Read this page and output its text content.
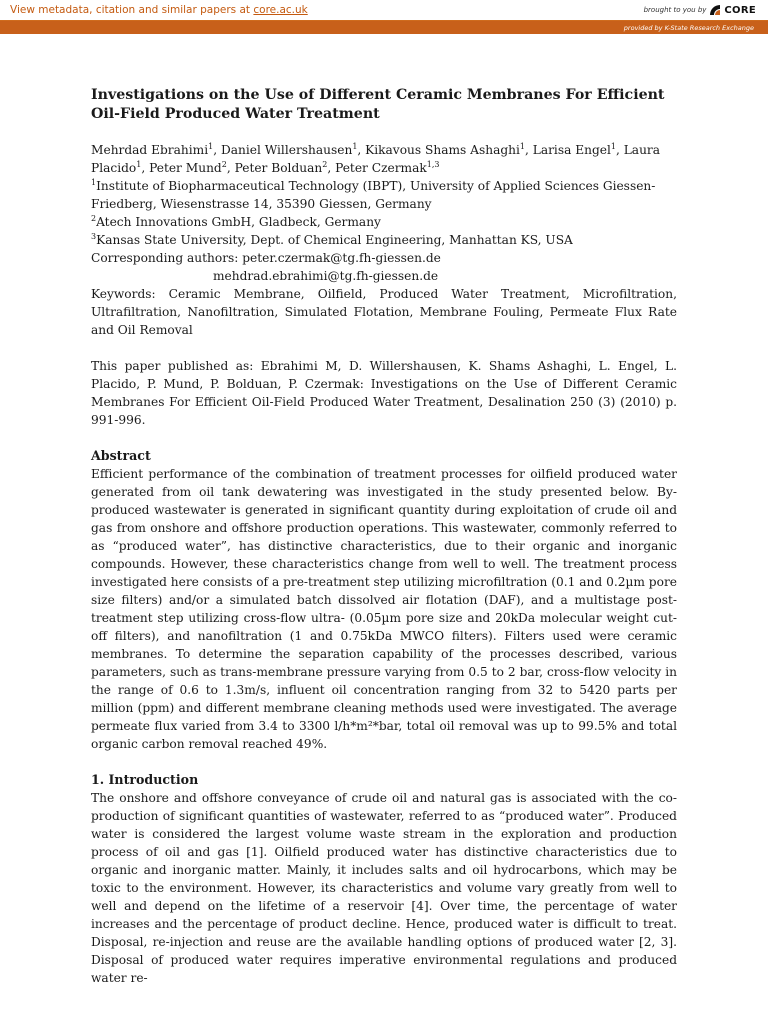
View metadata, citation and similar papers at core.ac.uk	brought to you by CORE
provided by K-State Research Exchange

Investigations on the Use of Different Ceramic Membranes For Efficient Oil-Field Produced Water Treatment

Mehrdad Ebrahimi$^1$, Daniel Willershausen$^1$, Kikavous Shams Ashaghi$^1$, Larisa Engel$^1$, Laura Placido$^1$, Peter Mund$^2$, Peter Bolduan$^2$, Peter Czermak$^{1,3}$

$^1$Institute of Biopharmaceutical Technology (IBPT), University of Applied Sciences Giessen-Friedberg, Wiesenstrasse 14, 35390 Giessen, Germany

$^2$Atech Innovations GmbH, Gladbeck, Germany

$^3$Kansas State University, Dept. of Chemical Engineering, Manhattan KS, USA

Corresponding authors: peter.czermak@tg.fh-giessen.de

mehdrad.ebrahimi@tg.fh-giessen.de

Keywords: Ceramic Membrane, Oilfield, Produced Water Treatment, Microfiltration, Ultrafiltration, Nanofiltration, Simulated Flotation, Membrane Fouling, Permeate Flux Rate and Oil Removal

This paper published as: Ebrahimi M, D. Willershausen, K. Shams Ashaghi, L. Engel, L. Placido, P. Mund, P. Bolduan, P. Czermak: Investigations on the Use of Different Ceramic Membranes For Efficient Oil-Field Produced Water Treatment, Desalination 250 (3) (2010) p. 991-996.

Abstract

Efficient performance of the combination of treatment processes for oilfield produced water generated from oil tank dewatering was investigated in the study presented below. By-produced wastewater is generated in significant quantity during exploitation of crude oil and gas from onshore and offshore production operations. This wastewater, commonly referred to as “produced water”, has distinctive characteristics, due to their organic and inorganic compounds. However, these characteristics change from well to well. The treatment process investigated here consists of a pre-treatment step utilizing microfiltration (0.1 and 0.2µm pore size filters) and/or a simulated batch dissolved air flotation (DAF), and a multistage post-treatment step utilizing cross-flow ultra- (0.05µm pore size and 20kDa molecular weight cut-off filters), and nanofiltration (1 and 0.75kDa MWCO filters). Filters used were ceramic membranes. To determine the separation capability of the processes described, various parameters, such as trans-membrane pressure varying from 0.5 to 2 bar, cross-flow velocity in the range of 0.6 to 1.3m/s, influent oil concentration ranging from 32 to 5420 parts per million (ppm) and different membrane cleaning methods used were investigated. The average permeate flux varied from 3.4 to 3300 l/h*m²*bar, total oil removal was up to 99.5% and total organic carbon removal reached 49%.

1. Introduction

The onshore and offshore conveyance of crude oil and natural gas is associated with the co-production of significant quantities of wastewater, referred to as “produced water”. Produced water is considered the largest volume waste stream in the exploration and production process of oil and gas [1]. Oilfield produced water has distinctive characteristics due to organic and inorganic matter. Mainly, it includes salts and oil hydrocarbons, which may be toxic to the environment. However, its characteristics and volume vary greatly from well to well and depend on the lifetime of a reservoir [4]. Over time, the percentage of water increases and the percentage of product decline. Hence, produced water is difficult to treat. Disposal, re-injection and reuse are the available handling options of produced water [2, 3]. Disposal of produced water requires imperative environmental regulations and produced water re-
